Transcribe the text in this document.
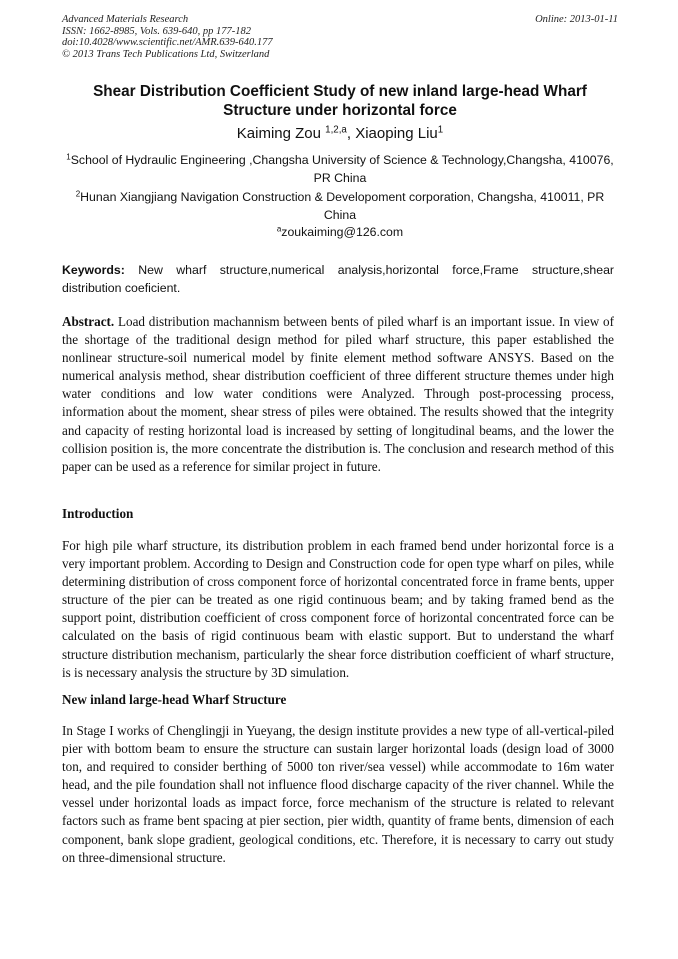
Advanced Materials Research
ISSN: 1662-8985, Vols. 639-640, pp 177-182
doi:10.4028/www.scientific.net/AMR.639-640.177
© 2013 Trans Tech Publications Ltd, Switzerland
Online: 2013-01-11
Shear Distribution Coefficient Study of new inland large-head Wharf Structure under horizontal force
Kaiming Zou $^{1,2,a}$, Xiaoping Liu$^1$
$^1$School of Hydraulic Engineering ,Changsha University of Science & Technology,Changsha, 410076, PR China
$^2$Hunan Xiangjiang Navigation Construction & Developoment corporation, Changsha, 410011, PR China
$^a$zoukaiming@126.com
Keywords: New wharf structure,numerical analysis,horizontal force,Frame structure,shear distribution coeficient.
Abstract. Load distribution machannism between bents of piled wharf is an important issue. In view of the shortage of the traditional design method for piled wharf structure, this paper established the nonlinear structure-soil numerical model by finite element method software ANSYS. Based on the numerical analysis method, shear distribution coefficient of three different structure themes under high water conditions and low water conditions were Analyzed. Through post-processing process, information about the moment, shear stress of piles were obtained. The results showed that the integrity and capacity of resting horizontal load is increased by setting of longitudinal beams, and the lower the collision position is, the more concentrate the distribution is. The conclusion and research method of this paper can be used as a reference for similar project in future.
Introduction
For high pile wharf structure, its distribution problem in each framed bend under horizontal force is a very important problem. According to Design and Construction code for open type wharf on piles, while determining distribution of cross component force of horizontal concentrated force in frame bents, upper structure of the pier can be treated as one rigid continuous beam; and by taking framed bend as the support point, distribution coefficient of cross component force of horizontal concentrated force can be calculated on the basis of rigid continuous beam with elastic support. But to understand the wharf structure distribution mechanism, particularly the shear force distribution coefficient of wharf structure, is is necessary analysis the structure by 3D simulation.
New inland large-head Wharf Structure
In Stage I works of Chenglingji in Yueyang, the design institute provides a new type of all-vertical-piled pier with bottom beam to ensure the structure can sustain larger horizontal loads (design load of 3000 ton, and required to consider berthing of 5000 ton river/sea vessel) while accommodate to 16m water head, and the pile foundation shall not influence flood discharge capacity of the river channel. While the vessel under horizontal loads as impact force, force mechanism of the structure is related to relevant factors such as frame bent spacing at pier section, pier width, quantity of frame bents, dimension of each component, bank slope gradient, geological conditions, etc. Therefore, it is necessary to carry out study on three-dimensional structure.
